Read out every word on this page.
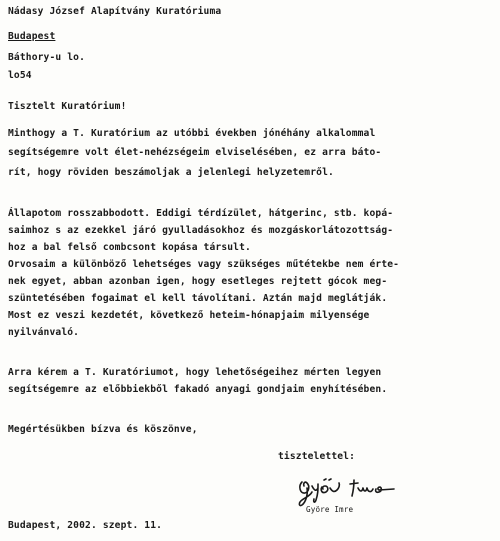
Nádasy József Alapítvány Kuratóriuma
Budapest
Báthory-u lo.
lo54
Tisztelt Kuratórium!
Minthogy a T. Kuratórium az utóbbi években jónéhány alkalommal
segítségemre volt élet-nehézségeim elviselésében, ez arra báto-
rít, hogy röviden beszámoljak a jelenlegi helyzetemről.
Állapotom rosszabbodott. Eddigi térdízület, hátgerinc, stb. kopá-
saimhoz s az ezekkel járó gyulladásokhoz és mozgáskorlátozottság-
hoz a bal felső combcsont kopása társult.
Orvosaim a különböző lehetséges vagy szükséges műtétekbe nem érte-
nek egyet, abban azonban igen, hogy esetleges rejtett gócok meg-
szüntetésében fogaimat el kell távolítani. Aztán majd meglátják.
Most ez veszi kezdetét, következő heteim-hónapjaim milyensége
nyilvánvaló.
Arra kérem a T. Kuratóriumot, hogy lehetőségeihez mérten legyen
segítségemre az előbbiekből fakadó anyagi gondjaim enyhítésében.
Megértésükben bízva és köszönve,
tisztelettel:
Györe Imre
Budapest, 2002. szept. 11.
